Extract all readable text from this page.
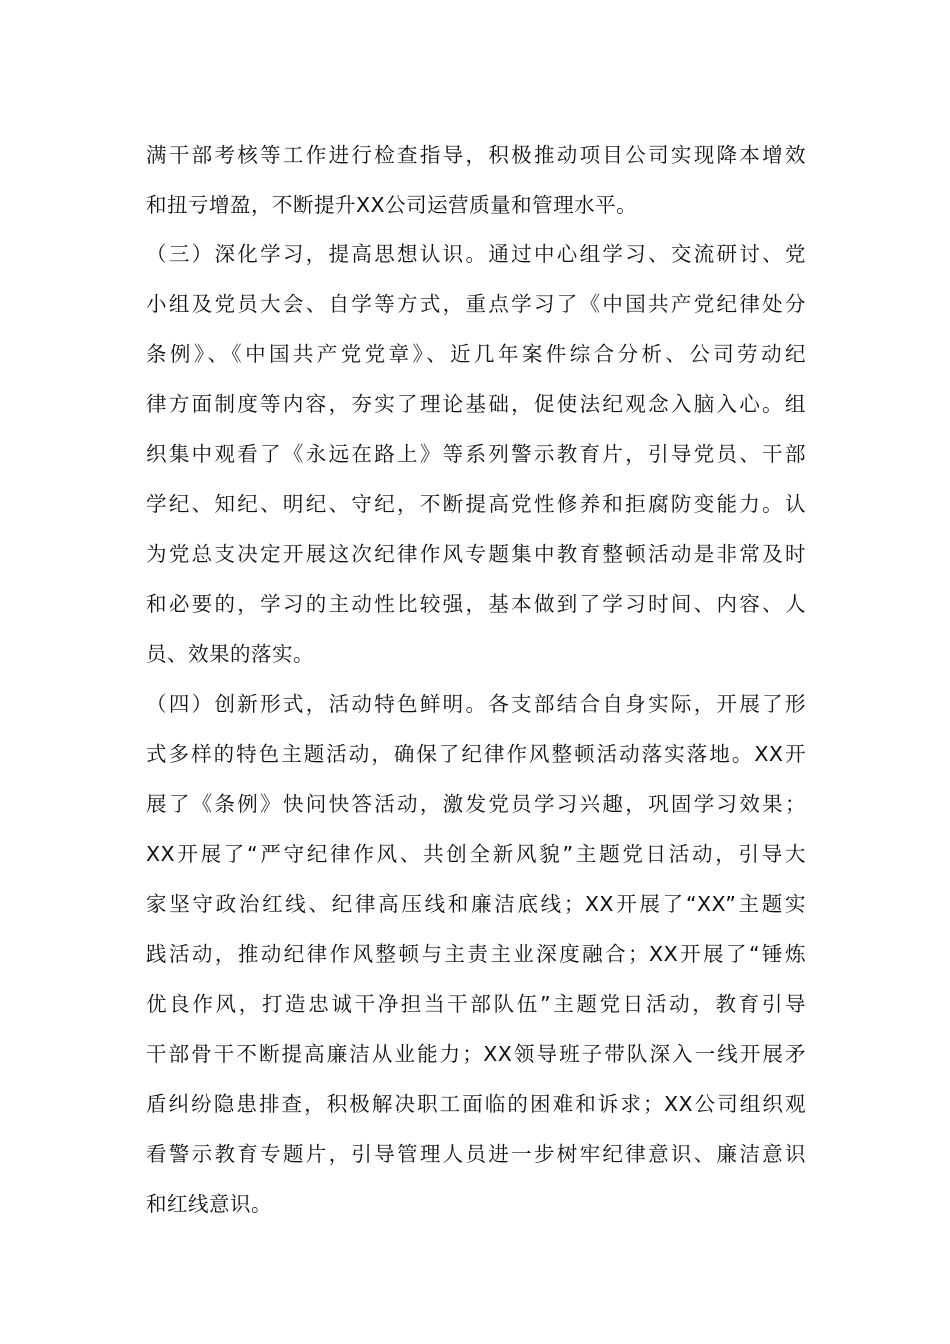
满干部考核等工作进行检查指导，积极推动项目公司实现降本增效
和扭亏增盈，不断提升XX公司运营质量和管理水平。
（三）深化学习，提高思想认识。通过中心组学习、交流研讨、党
小组及党员大会、自学等方式，重点学习了《中国共产党纪律处分
条例》、《中国共产党党章》、近几年案件综合分析、公司劳动纪
律方面制度等内容，夯实了理论基础，促使法纪观念入脑入心。组
织集中观看了《永远在路上》等系列警示教育片，引导党员、干部
学纪、知纪、明纪、守纪，不断提高党性修养和拒腐防变能力。认
为党总支决定开展这次纪律作风专题集中教育整顿活动是非常及时
和必要的，学习的主动性比较强，基本做到了学习时间、内容、人
员、效果的落实。
（四）创新形式，活动特色鲜明。各支部结合自身实际，开展了形
式多样的特色主题活动，确保了纪律作风整顿活动落实落地。XX开
展了《条例》快问快答活动，激发党员学习兴趣，巩固学习效果；
XX开展了“严守纪律作风、共创全新风貌”主题党日活动，引导大
家坚守政治红线、纪律高压线和廉洁底线；XX开展了“XX”主题实
践活动，推动纪律作风整顿与主责主业深度融合；XX开展了“锤炼
优良作风，打造忠诚干净担当干部队伍”主题党日活动，教育引导
干部骨干不断提高廉洁从业能力；XX领导班子带队深入一线开展矛
盾纠纷隐患排查，积极解决职工面临的困难和诉求；XX公司组织观
看警示教育专题片，引导管理人员进一步树牢纪律意识、廉洁意识
和红线意识。
